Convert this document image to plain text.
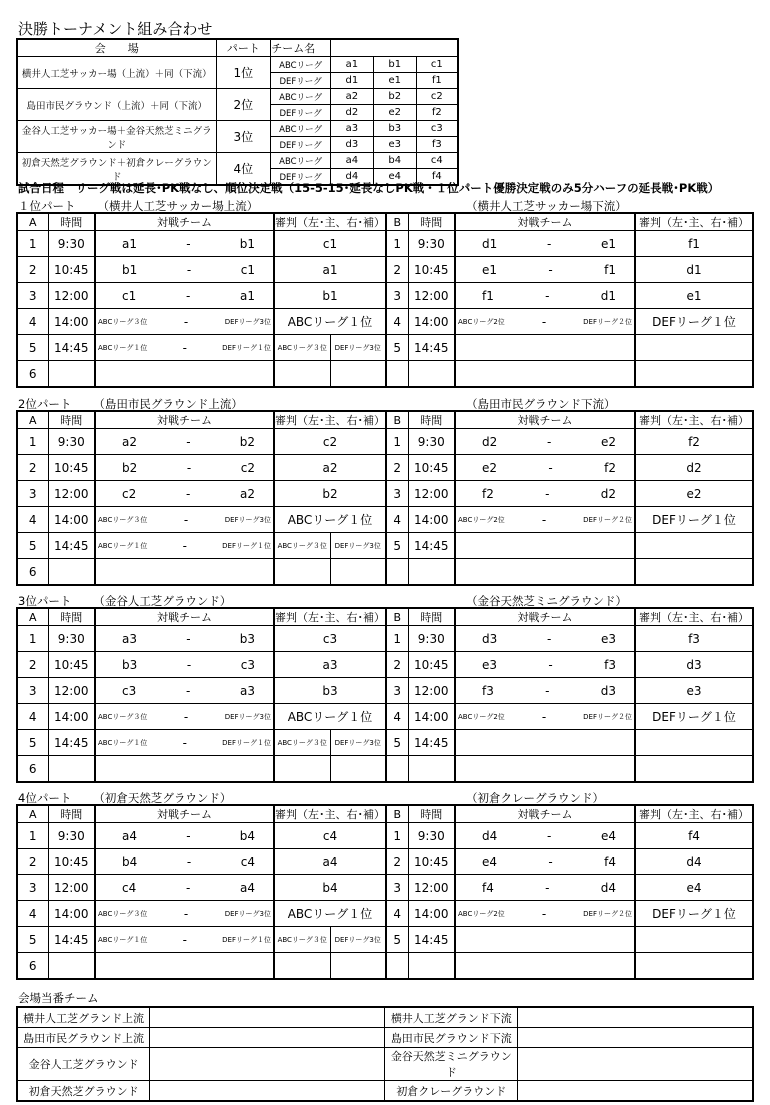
決勝トーナメント組み合わせ
会　　場	パート	チーム名			
横井人工芝サッカー場（上流）＋同（下流）	1位	ABCリーグ	a1	b1	c1
		DEFリーグ	d1	e1	f1
島田市民グラウンド（上流）＋同（下流）	2位	ABCリーグ	a2	b2	c2
		DEFリーグ	d2	e2	f2
金谷人工芝サッカー場＋金谷天然芝ミニグランド	3位	ABCリーグ	a3	b3	c3
		DEFリーグ	d3	e3	f3
初倉天然芝グラウンド＋初倉クレーグラウンド	4位	ABCリーグ	a4	b4	c4
		DEFリーグ	d4	e4	f4
試合日程　リーグ戦は延長･PK戦なし、順位決定戦（15-5-15･延長なしPK戦・１位パート優勝決定戦のみ5分ハーフの延長戦･PK戦）
１位パート （横井人工芝サッカー場上流）	（横井人工芝サッカー場下流）
A	時間	対戦チーム	審判（左･主、右･補）		B	時間	対戦チーム	審判（左･主、右･補）
1	9:30	a1 - b1	c1		1	9:30	d1 - e1	f1
2	10:45	b1 - c1	a1		2	10:45	e1 - f1	d1
3	12:00	c1 - a1	b1		3	12:00	f1 - d1	e1
4	14:00	ABCリーグ３位 - DEFリーグ3位	ABCリーグ１位		4	14:00	ABCリーグ2位 - DEFリーグ２位	DEFリーグ１位
5	14:45	ABCリーグ１位 - DEFリーグ１位	ABCリーグ３位	DEFリーグ3位	5	14:45		
6								
2位パート （島田市民グラウンド上流）	（島田市民グラウンド下流）
A	時間	対戦チーム	審判（左･主、右･補）		B	時間	対戦チーム	審判（左･主、右･補）
1	9:30	a2 - b2	c2		1	9:30	d2 - e2	f2
2	10:45	b2 - c2	a2		2	10:45	e2 - f2	d2
3	12:00	c2 - a2	b2		3	12:00	f2 - d2	e2
4	14:00	ABCリーグ３位 - DEFリーグ3位	ABCリーグ１位		4	14:00	ABCリーグ2位 - DEFリーグ２位	DEFリーグ１位
5	14:45	ABCリーグ１位 - DEFリーグ１位	ABCリーグ３位	DEFリーグ3位	5	14:45		
6								
3位パート （金谷人工芝グラウンド）	（金谷天然芝ミニグラウンド）
A	時間	対戦チーム	審判（左･主、右･補）		B	時間	対戦チーム	審判（左･主、右･補）
1	9:30	a3 - b3	c3		1	9:30	d3 - e3	f3
2	10:45	b3 - c3	a3		2	10:45	e3 - f3	d3
3	12:00	c3 - a3	b3		3	12:00	f3 - d3	e3
4	14:00	ABCリーグ３位 - DEFリーグ3位	ABCリーグ１位		4	14:00	ABCリーグ2位 - DEFリーグ２位	DEFリーグ１位
5	14:45	ABCリーグ１位 - DEFリーグ１位	ABCリーグ３位	DEFリーグ3位	5	14:45		
6								
4位パート （初倉天然芝グラウンド）	（初倉クレーグラウンド）
A	時間	対戦チーム	審判（左･主、右･補）		B	時間	対戦チーム	審判（左･主、右･補）
1	9:30	a4 - b4	c4		1	9:30	d4 - e4	f4
2	10:45	b4 - c4	a4		2	10:45	e4 - f4	d4
3	12:00	c4 - a4	b4		3	12:00	f4 - d4	e4
4	14:00	ABCリーグ３位 - DEFリーグ3位	ABCリーグ１位		4	14:00	ABCリーグ2位 - DEFリーグ２位	DEFリーグ１位
5	14:45	ABCリーグ１位 - DEFリーグ１位	ABCリーグ３位	DEFリーグ3位	5	14:45		
6								
会場当番チーム
横井人工芝グランド上流		横井人工芝グランド下流	
島田市民グラウンド上流		島田市民グラウンド下流	
金谷人工芝グラウンド		金谷天然芝ミニグラウンド	
初倉天然芝グラウンド		初倉クレーグラウンド	
